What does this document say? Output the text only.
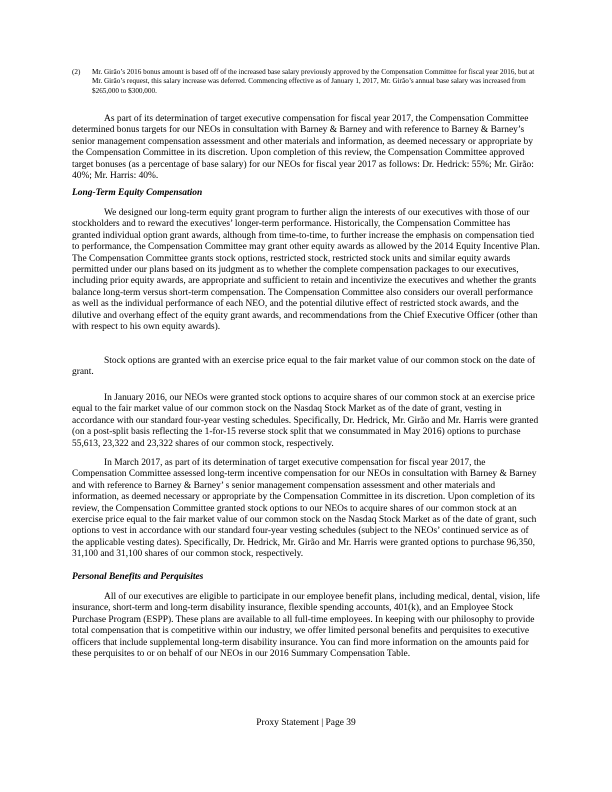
(2) Mr. Girão’s 2016 bonus amount is based off of the increased base salary previously approved by the Compensation Committee for fiscal year 2016, but at Mr. Girão’s request, this salary increase was deferred. Commencing effective as of January 1, 2017, Mr. Girão’s annual base salary was increased from $265,000 to $300,000.

As part of its determination of target executive compensation for fiscal year 2017, the Compensation Committee determined bonus targets for our NEOs in consultation with Barney & Barney and with reference to Barney & Barney’s senior management compensation assessment and other materials and information, as deemed necessary or appropriate by the Compensation Committee in its discretion. Upon completion of this review, the Compensation Committee approved target bonuses (as a percentage of base salary) for our NEOs for fiscal year 2017 as follows: Dr. Hedrick: 55%; Mr. Girão: 40%; Mr. Harris: 40%.

Long-Term Equity Compensation

We designed our long-term equity grant program to further align the interests of our executives with those of our stockholders and to reward the executives’ longer-term performance. Historically, the Compensation Committee has granted individual option grant awards, although from time-to-time, to further increase the emphasis on compensation tied to performance, the Compensation Committee may grant other equity awards as allowed by the 2014 Equity Incentive Plan. The Compensation Committee grants stock options, restricted stock, restricted stock units and similar equity awards permitted under our plans based on its judgment as to whether the complete compensation packages to our executives, including prior equity awards, are appropriate and sufficient to retain and incentivize the executives and whether the grants balance long-term versus short-term compensation. The Compensation Committee also considers our overall performance as well as the individual performance of each NEO, and the potential dilutive effect of restricted stock awards, and the dilutive and overhang effect of the equity grant awards, and recommendations from the Chief Executive Officer (other than with respect to his own equity awards).

Stock options are granted with an exercise price equal to the fair market value of our common stock on the date of grant.

In January 2016, our NEOs were granted stock options to acquire shares of our common stock at an exercise price equal to the fair market value of our common stock on the Nasdaq Stock Market as of the date of grant, vesting in accordance with our standard four-year vesting schedules. Specifically, Dr. Hedrick, Mr. Girão and Mr. Harris were granted (on a post-split basis reflecting the 1-for-15 reverse stock split that we consummated in May 2016) options to purchase 55,613, 23,322 and 23,322 shares of our common stock, respectively.

In March 2017, as part of its determination of target executive compensation for fiscal year 2017, the Compensation Committee assessed long-term incentive compensation for our NEOs in consultation with Barney & Barney and with reference to Barney & Barney’ s senior management compensation assessment and other materials and information, as deemed necessary or appropriate by the Compensation Committee in its discretion. Upon completion of its review, the Compensation Committee granted stock options to our NEOs to acquire shares of our common stock at an exercise price equal to the fair market value of our common stock on the Nasdaq Stock Market as of the date of grant, such options to vest in accordance with our standard four-year vesting schedules (subject to the NEOs’ continued service as of the applicable vesting dates). Specifically, Dr. Hedrick, Mr. Girão and Mr. Harris were granted options to purchase 96,350, 31,100 and 31,100 shares of our common stock, respectively.

Personal Benefits and Perquisites

All of our executives are eligible to participate in our employee benefit plans, including medical, dental, vision, life insurance, short-term and long-term disability insurance, flexible spending accounts, 401(k), and an Employee Stock Purchase Program (ESPP). These plans are available to all full-time employees. In keeping with our philosophy to provide total compensation that is competitive within our industry, we offer limited personal benefits and perquisites to executive officers that include supplemental long-term disability insurance. You can find more information on the amounts paid for these perquisites to or on behalf of our NEOs in our 2016 Summary Compensation Table.

Proxy Statement | Page 39
